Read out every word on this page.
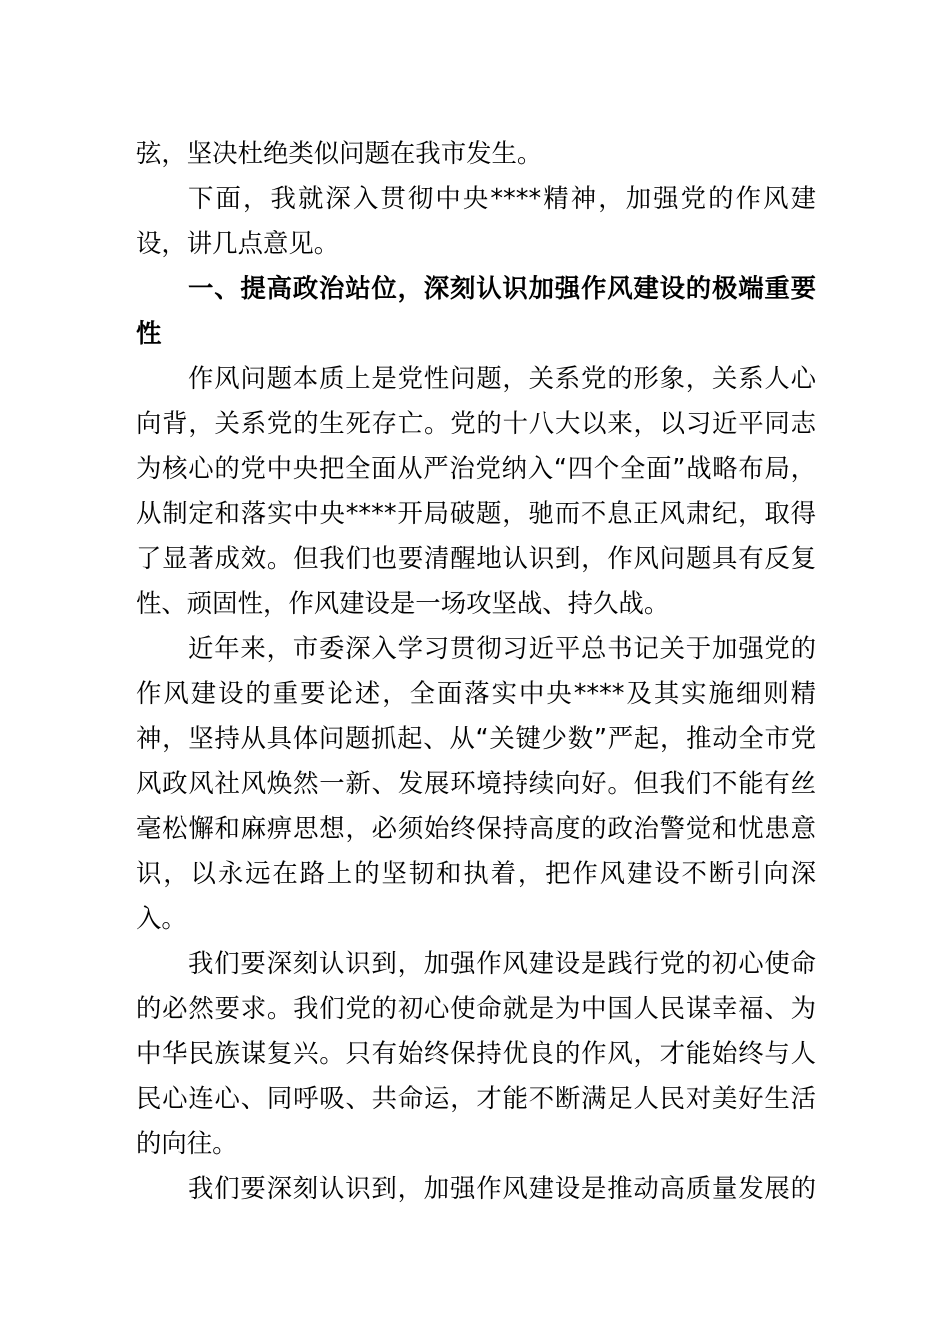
弦，坚决杜绝类似问题在我市发生。

下面，我就深入贯彻中央****精神，加强党的作风建设，讲几点意见。

一、提高政治站位，深刻认识加强作风建设的极端重要性

作风问题本质上是党性问题，关系党的形象，关系人心向背，关系党的生死存亡。党的十八大以来，以习近平同志为核心的党中央把全面从严治党纳入“四个全面”战略布局，从制定和落实中央****开局破题，驰而不息正风肃纪，取得了显著成效。但我们也要清醒地认识到，作风问题具有反复性、顽固性，作风建设是一场攻坚战、持久战。

近年来，市委深入学习贯彻习近平总书记关于加强党的作风建设的重要论述，全面落实中央****及其实施细则精神，坚持从具体问题抓起、从“关键少数”严起，推动全市党风政风社风焕然一新、发展环境持续向好。但我们不能有丝毫松懈和麻痹思想，必须始终保持高度的政治警觉和忧患意识，以永远在路上的坚韧和执着，把作风建设不断引向深入。

我们要深刻认识到，加强作风建设是践行党的初心使命的必然要求。我们党的初心使命就是为中国人民谋幸福、为中华民族谋复兴。只有始终保持优良的作风，才能始终与人民心连心、同呼吸、共命运，才能不断满足人民对美好生活的向往。

我们要深刻认识到，加强作风建设是推动高质量发展的
